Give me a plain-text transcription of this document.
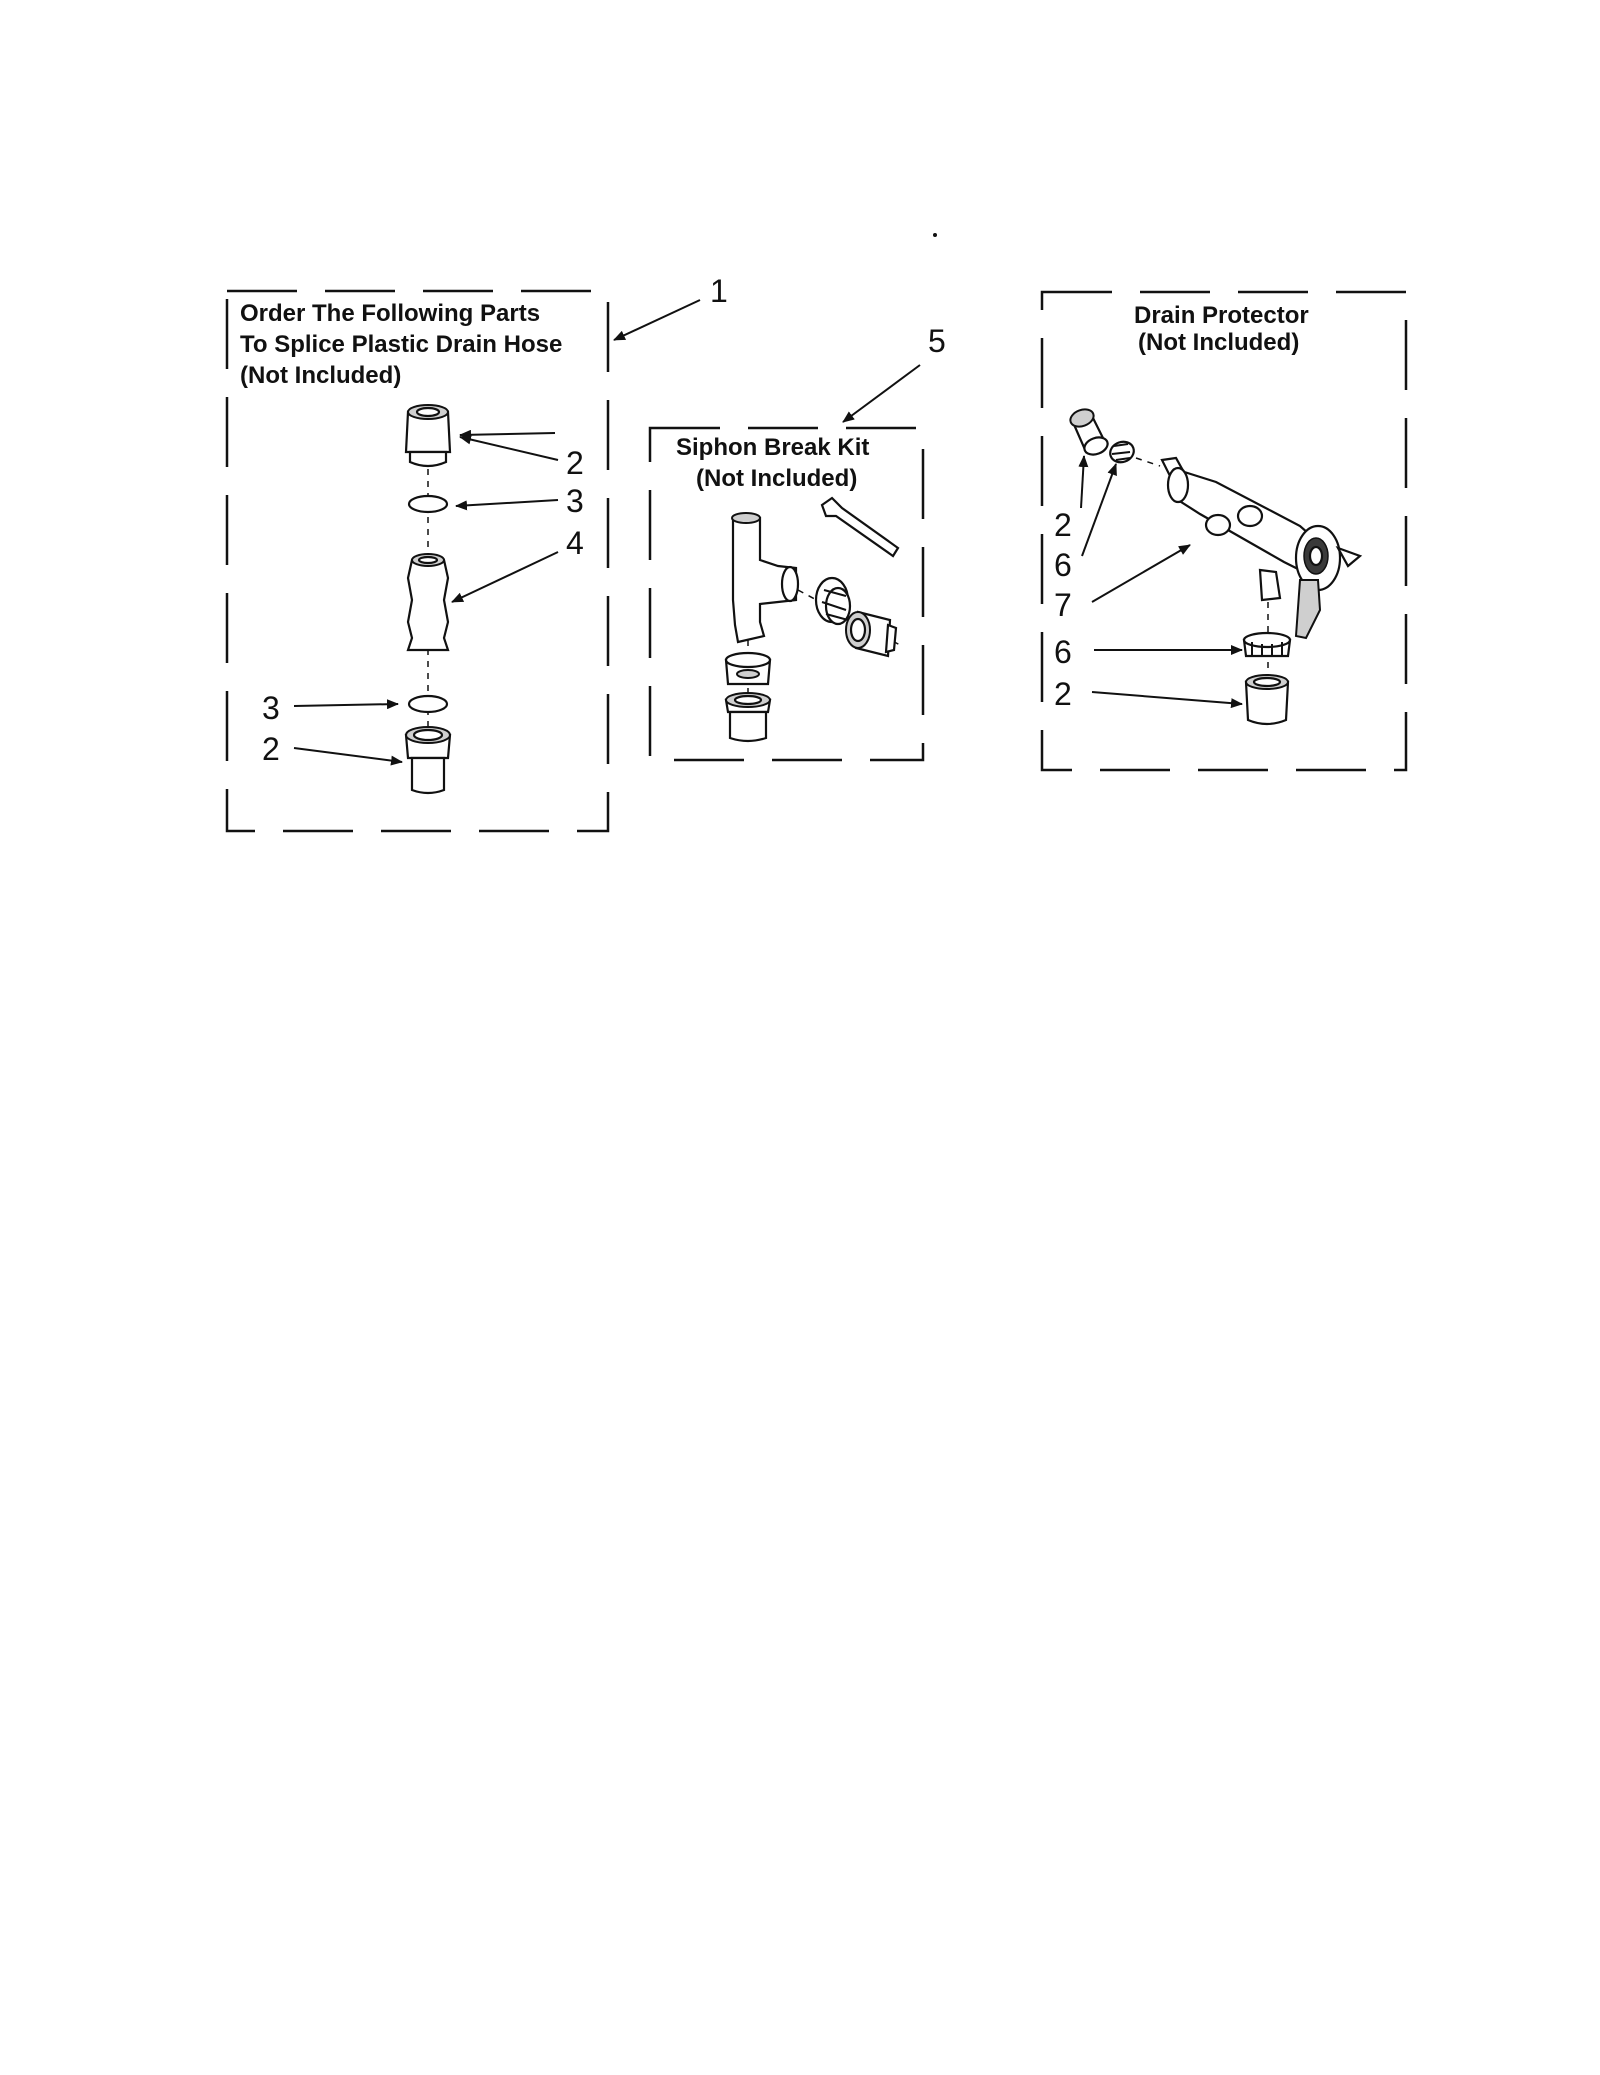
Order The Following Parts
To Splice Plastic Drain Hose
(Not Included)
2
3
4
3
2
1
Siphon Break Kit
(Not Included)
5
Drain Protector
(Not Included)
2
6
7
6
2
